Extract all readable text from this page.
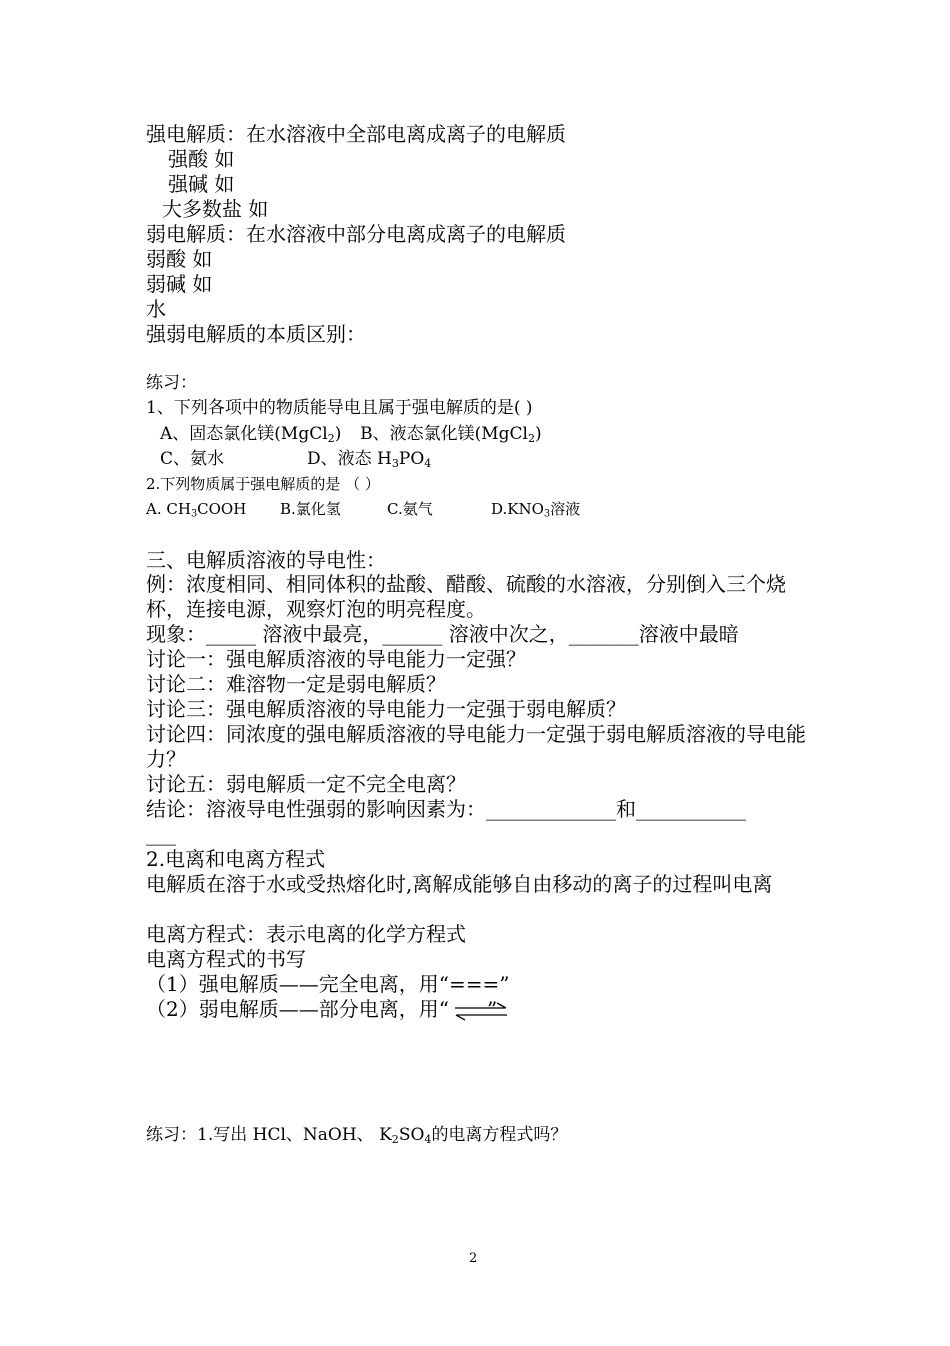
强电解质：在水溶液中全部电离成离子的电解质
强酸 如
强碱 如
大多数盐 如
弱电解质：在水溶液中部分电离成离子的电解质
弱酸 如
弱碱 如
水
强弱电解质的本质区别：
练习：
1、下列各项中的物质能导电且属于强电解质的是( )
A、固态氯化镁(MgCl$_2$) B、液态氯化镁(MgCl$_2$)
C、氨水	D、液态 $H_3PO_4$
2.下列物质属于强电解质的是 （ ）
A. $CH_3COOH$ B.氯化氢	C.氨气	$D.KNO_3$溶液
三、电解质溶液的导电性：
例：浓度相同、相同体积的盐酸、醋酸、硫酸的水溶液，分别倒入三个烧杯，连接电源，观察灯泡的明亮程度。
现象：_____ 溶液中最亮，______ 溶液中次之，_______溶液中最暗
讨论一：强电解质溶液的导电能力一定强？
讨论二：难溶物一定是弱电解质？
讨论三：强电解质溶液的导电能力一定强于弱电解质？
讨论四：同浓度的强电解质溶液的导电能力一定强于弱电解质溶液的导电能力？
讨论五：弱电解质一定不完全电离？
结论：溶液导电性强弱的影响因素为：_____________和___________
___
2.电离和电离方程式
电解质在溶于水或受热熔化时,离解成能够自由移动的离子的过程叫电离
电离方程式：表示电离的化学方程式
电离方程式的书写
（1）强电解质——完全电离，用“===”
（2）弱电解质——部分电离，用“ ⇌”
练习：1.写出 HCl、NaOH、 $K_2SO_4$的电离方程式吗？
2
